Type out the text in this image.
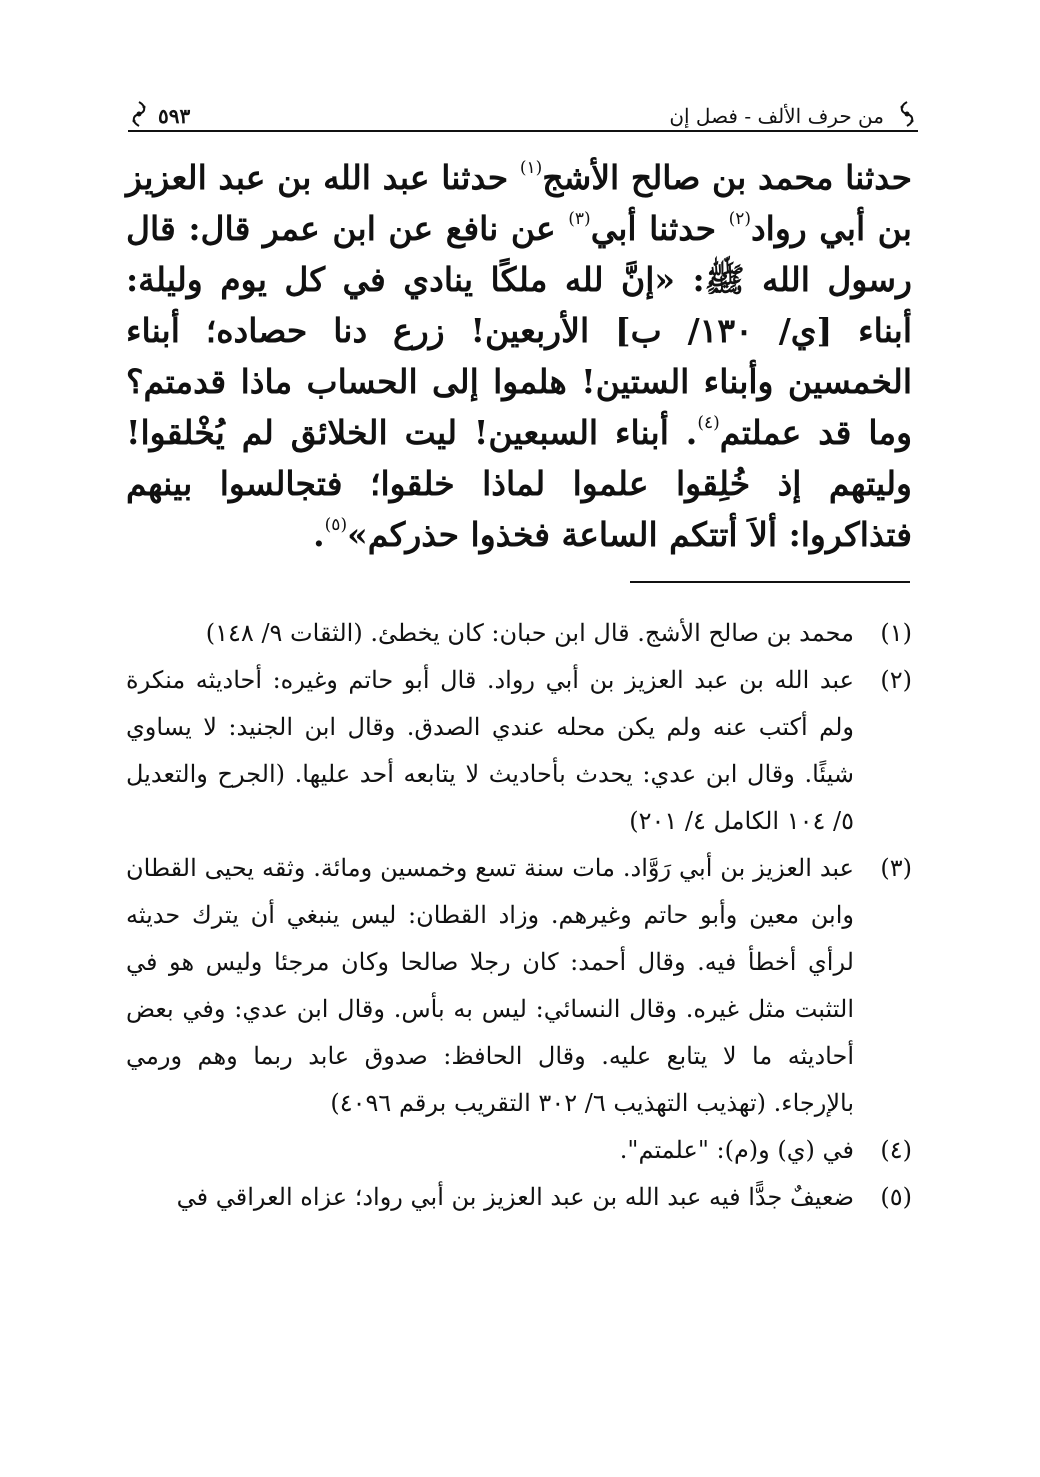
من حرف الألف - فصل إن
٥٩٣

حدثنا محمد بن صالح الأشج$^{(١)}$ حدثنا عبد الله بن عبد العزيز بن أبي رواد$^{(٢)}$ حدثنا أبي$^{(٣)}$ عن نافع عن ابن عمر قال: قال رسول الله ﷺ: «إنَّ لله ملكًا ينادي في كل يوم وليلة: أبناء [ي/ ١٣٠/ ب] الأربعين! زرع دنا حصاده؛ أبناء الخمسين وأبناء الستين! هلموا إلى الحساب ماذا قدمتم؟ وما قد عملتم$^{(٤)}$. أبناء السبعين! ليت الخلائق لم يُخْلقوا! وليتهم إذ خُلِقوا علموا لماذا خلقوا؛ فتجالسوا بينهم فتذاكروا: ألاَ أتتكم الساعة فخذوا حذركم»$^{(٥)}$.

(١)
محمد بن صالح الأشج. قال ابن حبان: كان يخطئ. (الثقات ٩/ ١٤٨)
(٢)
عبد الله بن عبد العزيز بن أبي رواد. قال أبو حاتم وغيره: أحاديثه منكرة ولم أكتب عنه ولم يكن محله عندي الصدق. وقال ابن الجنيد: لا يساوي شيئًا. وقال ابن عدي: يحدث بأحاديث لا يتابعه أحد عليها. (الجرح والتعديل ٥/ ١٠٤ الكامل ٤/ ٢٠١)
(٣)
عبد العزيز بن أبي رَوَّاد. مات سنة تسع وخمسين ومائة. وثقه يحيى القطان وابن معين وأبو حاتم وغيرهم. وزاد القطان: ليس ينبغي أن يترك حديثه لرأي أخطأ فيه. وقال أحمد: كان رجلا صالحا وكان مرجئا وليس هو في التثبت مثل غيره. وقال النسائي: ليس به بأس. وقال ابن عدي: وفي بعض أحاديثه ما لا يتابع عليه. وقال الحافظ: صدوق عابد ربما وهم ورمي بالإرجاء. (تهذيب التهذيب ٦/ ٣٠٢ التقريب برقم ٤٠٩٦)
(٤)
في (ي) و(م): "علمتم".
(٥)
ضعيفٌ جدًّا فيه عبد الله بن عبد العزيز بن أبي رواد؛ عزاه العراقي في
